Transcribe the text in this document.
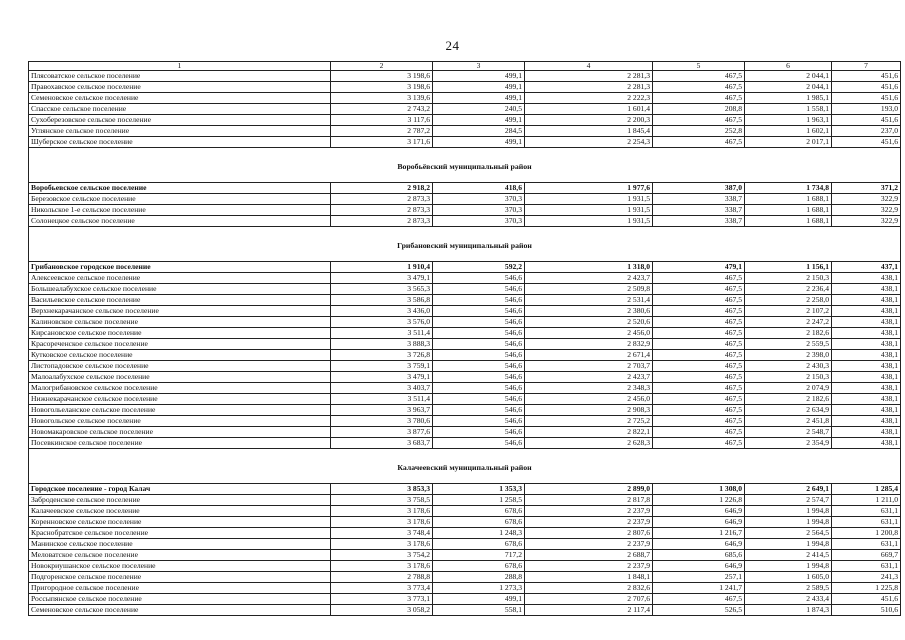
24
1	2	3	4	5	6	7
Плясоватское сельское поселение	3 198,6	499,1	2 281,3	467,5	2 044,1	451,6
Правохавское сельское поселение	3 198,6	499,1	2 281,3	467,5	2 044,1	451,6
Семеновское сельское поселение	3 139,6	499,1	2 222,3	467,5	1 985,1	451,6
Спасское сельское поселение	2 743,2	240,5	1 601,4	208,8	1 558,1	193,0
Сухоберезовское сельское поселение	3 117,6	499,1	2 200,3	467,5	1 963,1	451,6
Углянское сельское поселение	2 787,2	284,5	1 845,4	252,8	1 602,1	237,0
Шуберское сельское поселение	3 171,6	499,1	2 254,3	467,5	2 017,1	451,6
Воробьёвский муниципальный район						
Воробьевское сельское поселение	2 918,2	418,6	1 977,6	387,0	1 734,8	371,2
Березовское сельское поселение	2 873,3	370,3	1 931,5	338,7	1 688,1	322,9
Никольское 1-е сельское поселение	2 873,3	370,3	1 931,5	338,7	1 688,1	322,9
Солонецкое сельское поселение	2 873,3	370,3	1 931,5	338,7	1 688,1	322,9
Грибановский муниципальный район						
Грибановское городское поселение	1 910,4	592,2	1 318,0	479,1	1 156,1	437,1
Алексеевское сельское поселение	3 479,1	546,6	2 423,7	467,5	2 150,3	438,1
Большеалабухское сельское поселение	3 565,3	546,6	2 509,8	467,5	2 236,4	438,1
Васильевское сельское поселение	3 586,8	546,6	2 531,4	467,5	2 258,0	438,1
Верхнекарачанское сельское поселение	3 436,0	546,6	2 380,6	467,5	2 107,2	438,1
Калиновское сельское поселение	3 576,0	546,6	2 520,6	467,5	2 247,2	438,1
Кирсановское сельское поселение	3 511,4	546,6	2 456,0	467,5	2 182,6	438,1
Красореченское сельское поселение	3 888,3	546,6	2 832,9	467,5	2 559,5	438,1
Кутковское сельское поселение	3 726,8	546,6	2 671,4	467,5	2 398,0	438,1
Листопадовское сельское поселение	3 759,1	546,6	2 703,7	467,5	2 430,3	438,1
Малоалабухское сельское поселение	3 479,1	546,6	2 423,7	467,5	2 150,3	438,1
Малогрибановское сельское поселение	3 403,7	546,6	2 348,3	467,5	2 074,9	438,1
Нижнекарачанское сельское поселение	3 511,4	546,6	2 456,0	467,5	2 182,6	438,1
Новогольеланское сельское поселение	3 963,7	546,6	2 908,3	467,5	2 634,9	438,1
Новогольское сельское поселение	3 780,6	546,6	2 725,2	467,5	2 451,8	438,1
Новомакаровское сельское поселение	3 877,6	546,6	2 822,1	467,5	2 548,7	438,1
Посевкинское сельское поселение	3 683,7	546,6	2 628,3	467,5	2 354,9	438,1
Калачеевский муниципальный район						
Городское поселение - город Калач	3 853,3	1 353,3	2 899,0	1 308,0	2 649,1	1 285,4
Заброденское сельское поселение	3 758,5	1 258,5	2 817,8	1 226,8	2 574,7	1 211,0
Калачеевское сельское поселение	3 178,6	678,6	2 237,9	646,9	1 994,8	631,1
Коренновское сельское поселение	3 178,6	678,6	2 237,9	646,9	1 994,8	631,1
Краснобратское сельское поселение	3 748,4	1 248,3	2 807,6	1 216,7	2 564,5	1 200,8
Манинское сельское поселение	3 178,6	678,6	2 237,9	646,9	1 994,8	631,1
Меловатское сельское поселение	3 754,2	717,2	2 688,7	685,6	2 414,5	669,7
Новокриушанское сельское поселение	3 178,6	678,6	2 237,9	646,9	1 994,8	631,1
Подгоренское сельское поселение	2 788,8	288,8	1 848,1	257,1	1 605,0	241,3
Пригородное сельское поселение	3 773,4	1 273,3	2 832,6	1 241,7	2 589,5	1 225,8
Россыпянское сельское поселение	3 773,1	499,1	2 707,6	467,5	2 433,4	451,6
Семеновское сельское поселение	3 058,2	558,1	2 117,4	526,5	1 874,3	510,6
